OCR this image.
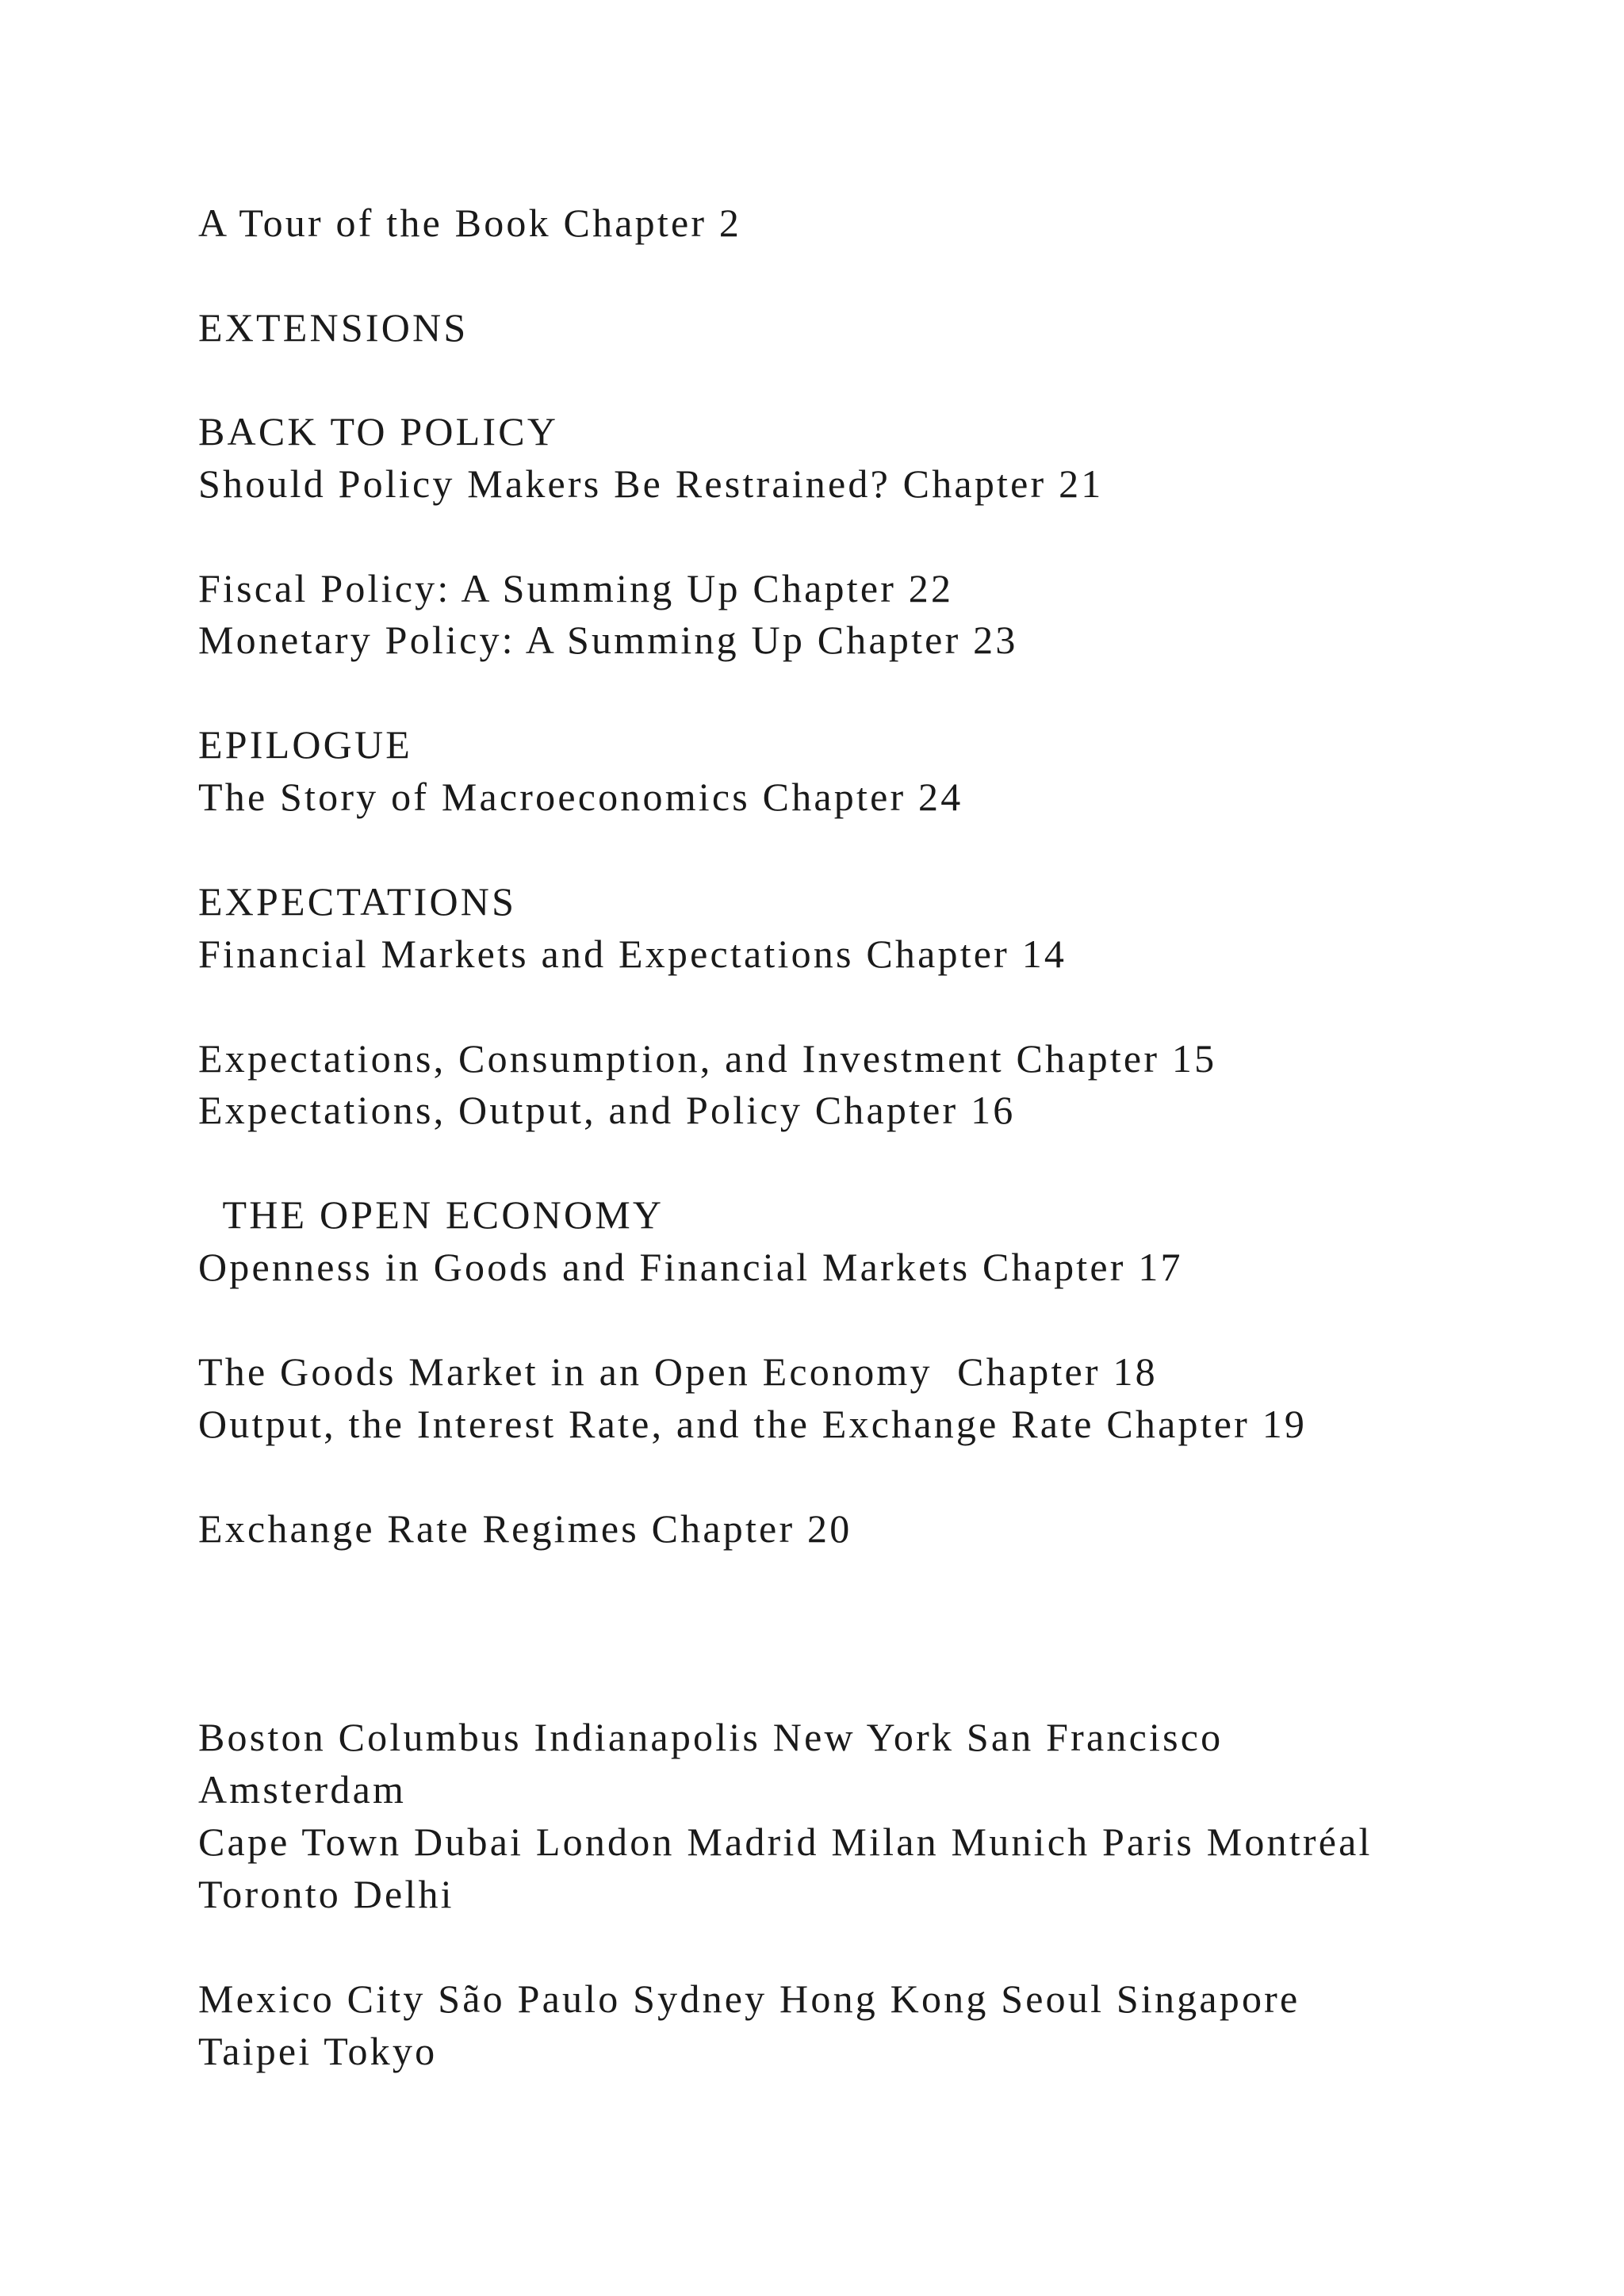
A Tour of the Book Chapter 2
EXTENSIONS
BACK TO POLICY
Should Policy Makers Be Restrained? Chapter 21
Fiscal Policy: A Summing Up Chapter 22
Monetary Policy: A Summing Up Chapter 23
EPILOGUE
The Story of Macroeconomics Chapter 24
EXPECTATIONS
Financial Markets and Expectations Chapter 14
Expectations, Consumption, and Investment Chapter 15
Expectations, Output, and Policy Chapter 16
THE OPEN ECONOMY
Openness in Goods and Financial Markets Chapter 17
The Goods Market in an Open Economy  Chapter 18
Output, the Interest Rate, and the Exchange Rate Chapter 19
Exchange Rate Regimes Chapter 20
Boston Columbus Indianapolis New York San Francisco
Amsterdam
Cape Town Dubai London Madrid Milan Munich Paris Montréal
Toronto Delhi
Mexico City São Paulo Sydney Hong Kong Seoul Singapore
Taipei Tokyo
